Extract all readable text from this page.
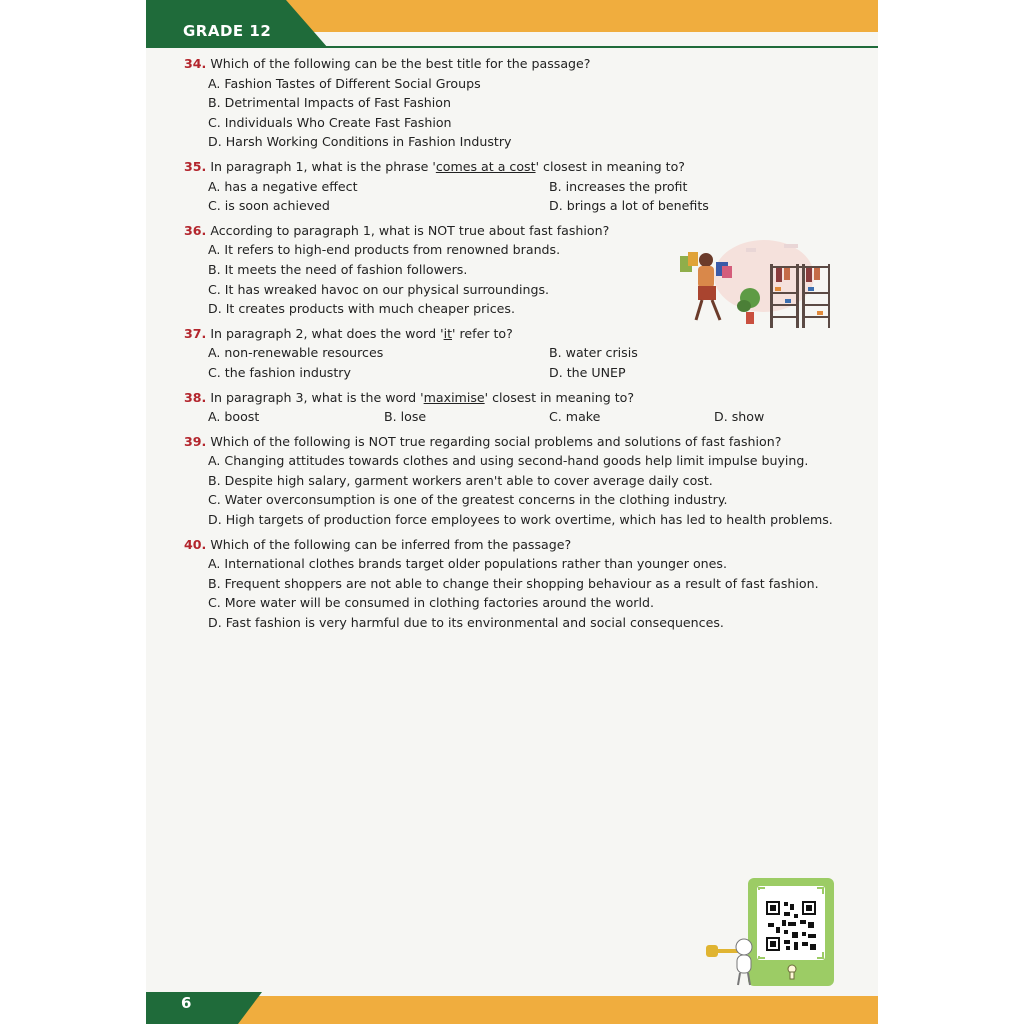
GRADE 12
34. Which of the following can be the best title for the passage?
A. Fashion Tastes of Different Social Groups
B. Detrimental Impacts of Fast Fashion
C. Individuals Who Create Fast Fashion
D. Harsh Working Conditions in Fashion Industry
35. In paragraph 1, what is the phrase 'comes at a cost' closest in meaning to?
A. has a negative effect	B. increases the profit
C. is soon achieved	D. brings a lot of benefits
36. According to paragraph 1, what is NOT true about fast fashion?
A. It refers to high-end products from renowned brands.
B. It meets the need of fashion followers.
C. It has wreaked havoc on our physical surroundings.
D. It creates products with much cheaper prices.
37. In paragraph 2, what does the word 'it' refer to?
A. non-renewable resources	B. water crisis
C. the fashion industry	D. the UNEP
38. In paragraph 3, what is the word 'maximise' closest in meaning to?
A. boost	B. lose	C. make	D. show
39. Which of the following is NOT true regarding social problems and solutions of fast fashion?
A. Changing attitudes towards clothes and using second-hand goods help limit impulse buying.
B. Despite high salary, garment workers aren't able to cover average daily cost.
C. Water overconsumption is one of the greatest concerns in the clothing industry.
D. High targets of production force employees to work overtime, which has led to health problems.
40. Which of the following can be inferred from the passage?
A. International clothes brands target older populations rather than younger ones.
B. Frequent shoppers are not able to change their shopping behaviour as a result of fast fashion.
C. More water will be consumed in clothing factories around the world.
D. Fast fashion is very harmful due to its environmental and social consequences.
6
